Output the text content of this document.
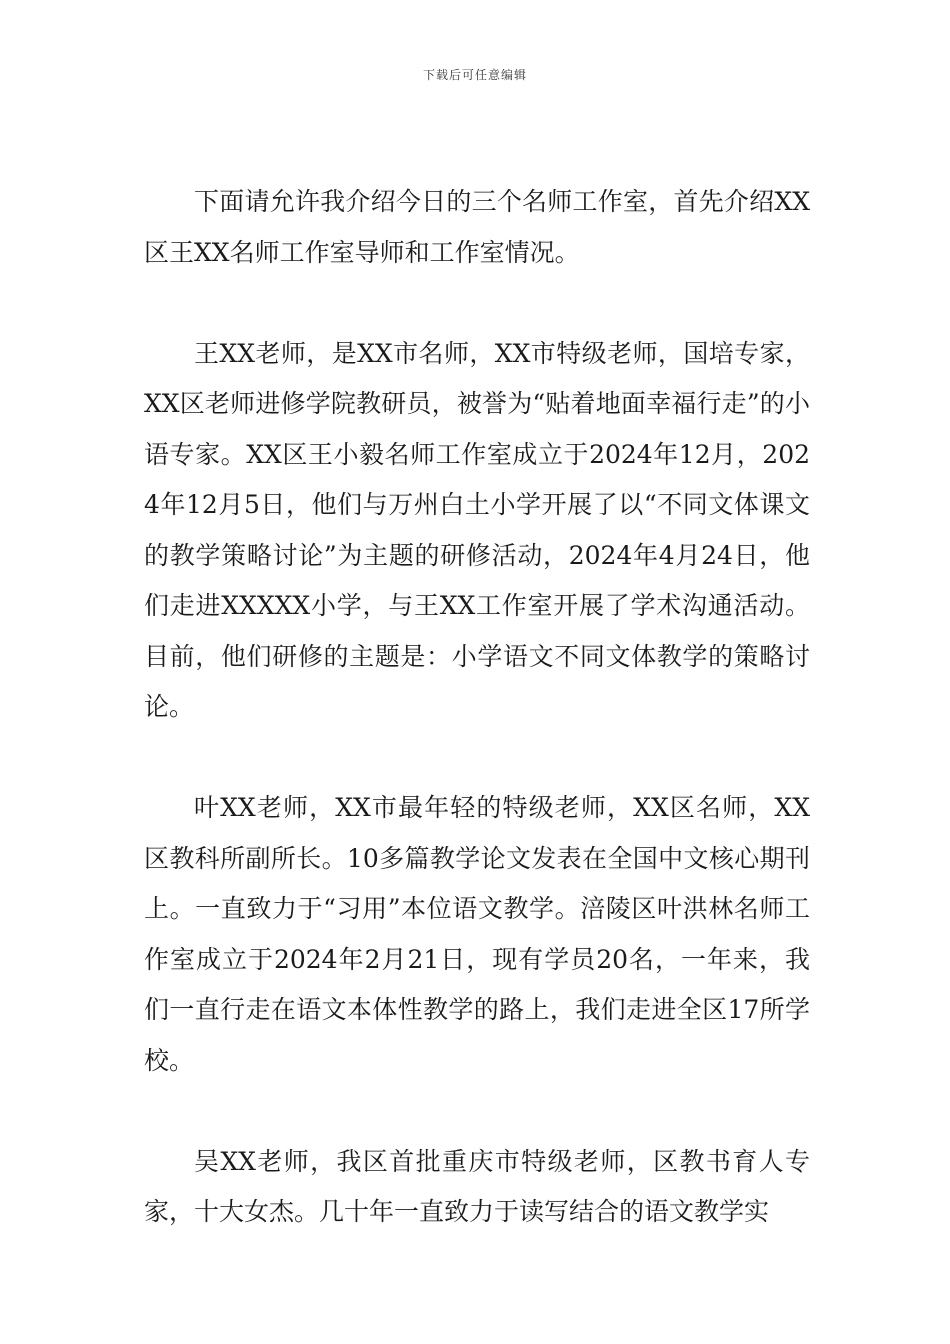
下载后可任意编辑

下面请允许我介绍今日的三个名师工作室，首先介绍XX区王XX名师工作室导师和工作室情况。

王XX老师，是XX市名师，XX市特级老师，国培专家，XX区老师进修学院教研员，被誉为“贴着地面幸福行走”的小语专家。XX区王小毅名师工作室成立于2024年12月，2024年12月5日，他们与万州白土小学开展了以“不同文体课文的教学策略讨论”为主题的研修活动，2024年4月24日，他们走进XXXXX小学，与王XX工作室开展了学术沟通活动。目前，他们研修的主题是：小学语文不同文体教学的策略讨论。

叶XX老师，XX市最年轻的特级老师，XX区名师，XX区教科所副所长。10多篇教学论文发表在全国中文核心期刊上。一直致力于“习用”本位语文教学。涪陵区叶洪林名师工作室成立于2024年2月21日，现有学员20名，一年来，我们一直行走在语文本体性教学的路上，我们走进全区17所学校。

吴XX老师，我区首批重庆市特级老师，区教书育人专家，十大女杰。几十年一直致力于读写结合的语文教学实
